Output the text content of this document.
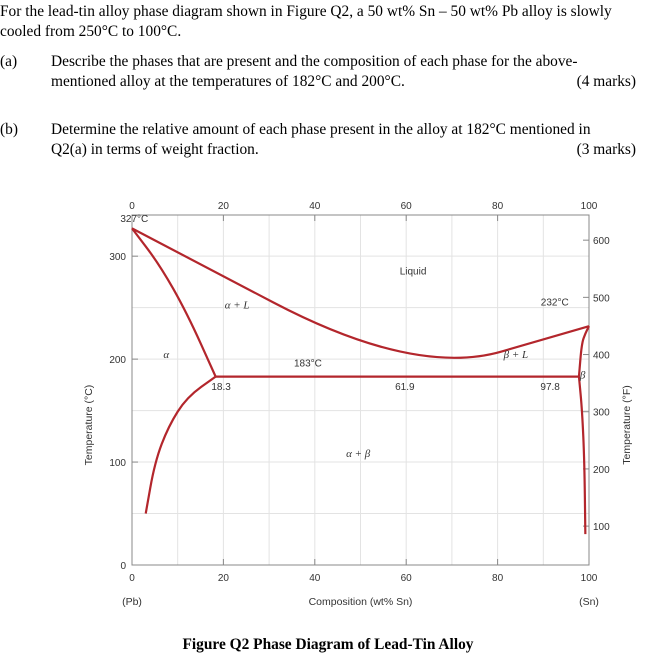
For the lead-tin alloy phase diagram shown in Figure Q2, a 50 wt% Sn – 50 wt% Pb alloy is slowly cooled from 250°C to 100°C.
(a) Describe the phases that are present and the composition of each phase for the above-
mentioned alloy at the temperatures of 182°C and 200°C.	(4 marks)
(b) Determine the relative amount of each phase present in the alloy at 182°C mentioned in
Q2(a) in terms of weight fraction.	(3 marks)
0	20	40	60	80	100
0	20	40	60	80	100
0
100
200
300
100
200
300
400
500
600
Composition (wt% Sn)
(Pb)	(Sn)
Temperature (°C)	Temperature (°F)
327°C
Liquid
232°C
α + L
α
183°C
β + L
β
18.3	61.9	97.8
α + β
Figure Q2 Phase Diagram of Lead-Tin Alloy
